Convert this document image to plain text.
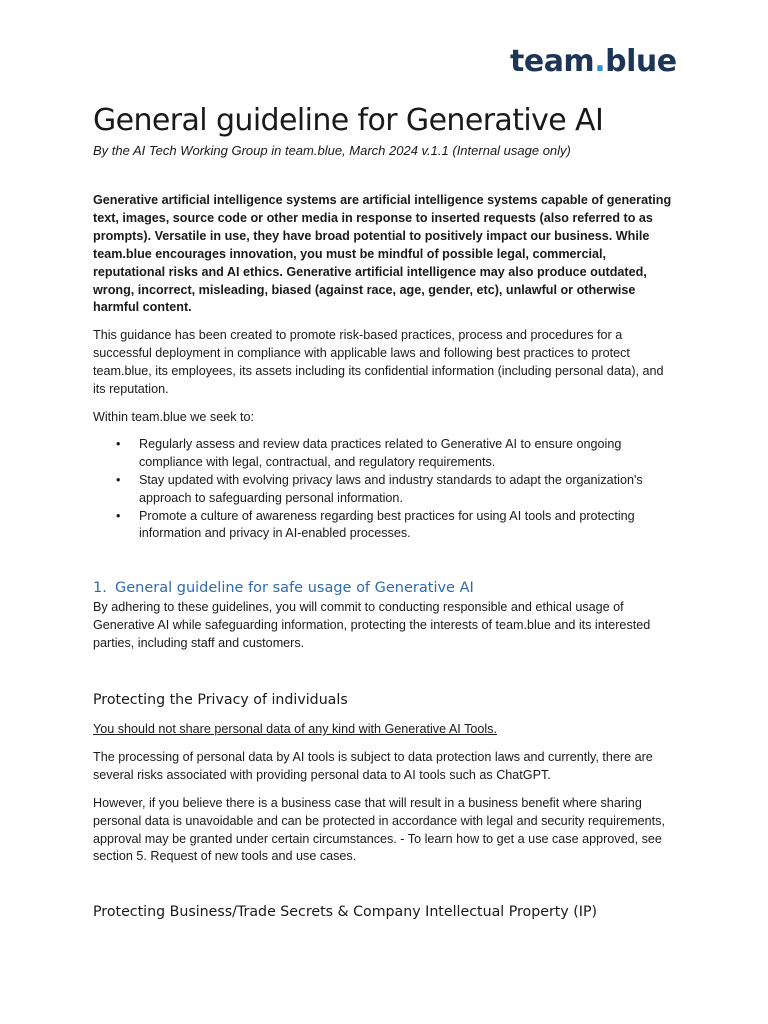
team.blue
General guideline for Generative AI
By the AI Tech Working Group in team.blue, March 2024 v.1.1 (Internal usage only)

Generative artificial intelligence systems are artificial intelligence systems capable of generating text, images, source code or other media in response to inserted requests (also referred to as prompts). Versatile in use, they have broad potential to positively impact our business. While team.blue encourages innovation, you must be mindful of possible legal, commercial, reputational risks and AI ethics. Generative artificial intelligence may also produce outdated, wrong, incorrect, misleading, biased (against race, age, gender, etc), unlawful or otherwise harmful content.

This guidance has been created to promote risk-based practices, process and procedures for a successful deployment in compliance with applicable laws and following best practices to protect team.blue, its employees, its assets including its confidential information (including personal data), and its reputation.

Within team.blue we seek to:

• Regularly assess and review data practices related to Generative AI to ensure ongoing compliance with legal, contractual, and regulatory requirements.
• Stay updated with evolving privacy laws and industry standards to adapt the organization's approach to safeguarding personal information.
• Promote a culture of awareness regarding best practices for using AI tools and protecting information and privacy in AI-enabled processes.
1. General guideline for safe usage of Generative AI

By adhering to these guidelines, you will commit to conducting responsible and ethical usage of Generative AI while safeguarding information, protecting the interests of team.blue and its interested parties, including staff and customers.

Protecting the Privacy of individuals

You should not share personal data of any kind with Generative AI Tools.

The processing of personal data by AI tools is subject to data protection laws and currently, there are several risks associated with providing personal data to AI tools such as ChatGPT.

However, if you believe there is a business case that will result in a business benefit where sharing personal data is unavoidable and can be protected in accordance with legal and security requirements, approval may be granted under certain circumstances. - To learn how to get a use case approved, see section 5. Request of new tools and use cases.

Protecting Business/Trade Secrets & Company Intellectual Property (IP)
